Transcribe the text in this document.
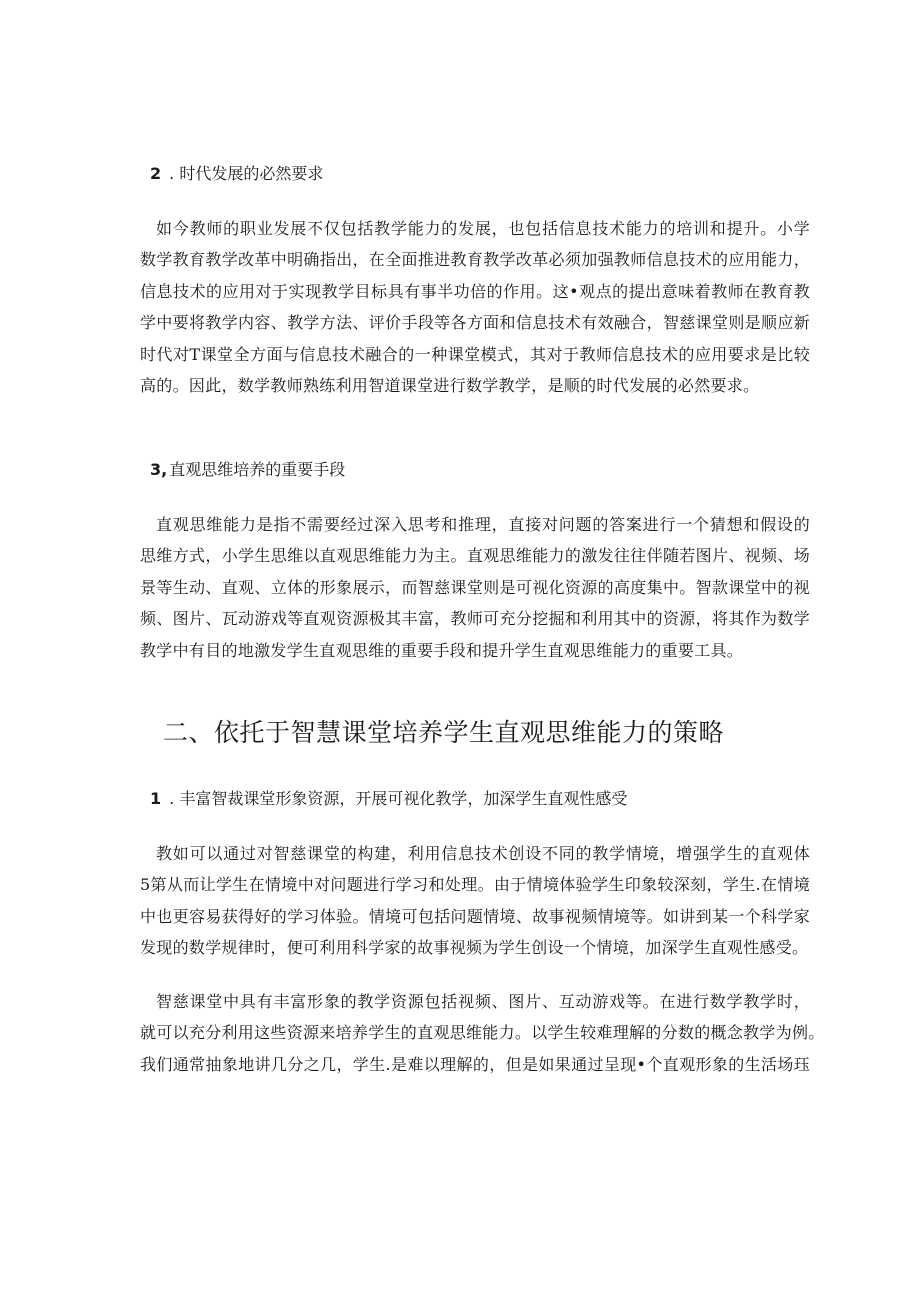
2 . 时代发展的必然要求
如今教师的职业发展不仅包括教学能力的发展，也包括信息技术能力的培训和提升。小学
数学教育教学改革中明确指出，在全面推进教育教学改革必须加强教师信息技术的应用能力，
信息技术的应用对于实现教学目标具有事半功倍的作用。这•观点的提出意味着教师在教育教
学中要将教学内容、教学方法、评价手段等各方面和信息技术有效融合，智慈课堂则是顺应新
时代对T课堂全方面与信息技术融合的一种课堂模式，其对于教师信息技术的应用要求是比较
高的。因此，数学教师熟练利用智道课堂进行数学教学，是顺的时代发展的必然要求。
3, 直观思维培养的重要手段
直观思维能力是指不需要经过深入思考和推理，直接对问题的答案进行一个猜想和假设的
思维方式，小学生思维以直观思维能力为主。直观思维能力的激发往往伴随若图片、视频、场
景等生动、直观、立体的形象展示，而智慈课堂则是可视化资源的高度集中。智款课堂中的视
频、图片、瓦动游戏等直观资源极其丰富，教师可充分挖掘和利用其中的资源，将其作为数学
教学中有目的地激发学生直观思维的重要手段和提升学生直观思维能力的重要工具。
二、依托于智慧课堂培养学生直观思维能力的策略
1 . 丰富智裁课堂形象资源，开展可视化教学，加深学生直观性感受
教如可以通过对智慈课堂的构建，利用信息技术创设不同的教学情境，增强学生的直观体
5第从而让学生在情境中对问题进行学习和处理。由于情境体验学生印象较深刻，学生.在情境
中也更容易获得好的学习体验。情境可包括问题情境、故事视频情境等。如讲到某一个科学家
发现的数学规律时，便可利用科学家的故事视频为学生创设一个情境，加深学生直观性感受。
智慈课堂中具有丰富形象的教学资源包括视频、图片、互动游戏等。在进行数学教学时，
就可以充分利用这些资源来培养学生的直观思维能力。以学生较难理解的分数的概念教学为例。
我们通常抽象地讲几分之几，学生.是难以理解的，但是如果通过呈现•个直观形象的生活场珏
